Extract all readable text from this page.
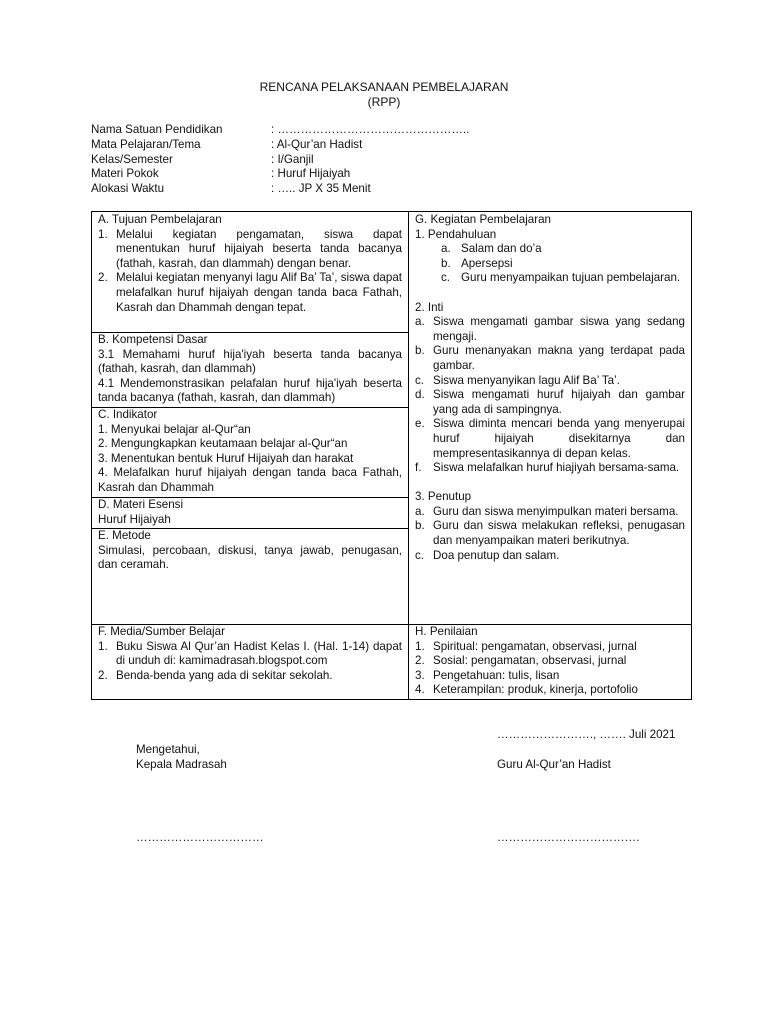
RENCANA PELAKSANAAN PEMBELAJARAN
(RPP)
Nama Satuan Pendidikan	: …………………………………………..
Mata Pelajaran/Tema	: Al-Qur’an Hadist
Kelas/Semester	: I/Ganjil
Materi Pokok	: Huruf Hijaiyah
Alokasi Waktu	: ….. JP X 35 Menit
A. Tujuan Pembelajaran
1. Melalui kegiatan pengamatan, siswa dapat menentukan huruf hijaiyah beserta tanda bacanya (fathah, kasrah, dan dlammah) dengan benar.
2. Melalui kegiatan menyanyi lagu Alif Ba’ Ta’, siswa dapat melafalkan huruf hijaiyah dengan tanda baca Fathah, Kasrah dan Dhammah dengan tepat.
B. Kompetensi Dasar
3.1 Memahami huruf hija'iyah beserta tanda bacanya (fathah, kasrah, dan dlammah)
4.1 Mendemonstrasikan pelafalan huruf hija'iyah beserta tanda bacanya (fathah, kasrah, dan dlammah)
C. Indikator
1. Menyukai belajar al-Qur“an
2. Mengungkapkan keutamaan belajar al-Qur“an
3. Menentukan bentuk Huruf Hijaiyah dan harakat
4. Melafalkan huruf hijaiyah dengan tanda baca Fathah, Kasrah dan Dhammah
D. Materi Esensi
Huruf Hijaiyah
E. Metode
Simulasi, percobaan, diskusi, tanya jawab, penugasan, dan ceramah.
F. Media/Sumber Belajar
1. Buku Siswa Al Qur’an Hadist Kelas I. (Hal. 1-14) dapat di unduh di: kamimadrasah.blogspot.com
2. Benda-benda yang ada di sekitar sekolah.
G. Kegiatan Pembelajaran
1. Pendahuluan
a. Salam dan do’a
b. Apersepsi
c. Guru menyampaikan tujuan pembelajaran.
2. Inti
a. Siswa mengamati gambar siswa yang sedang mengaji.
b. Guru menanyakan makna yang terdapat pada gambar.
c. Siswa menyanyikan lagu Alif Ba’ Ta’.
d. Siswa mengamati huruf hijaiyah dan gambar yang ada di sampingnya.
e. Siswa diminta mencari benda yang menyerupai huruf hijaiyah disekitarnya dan mempresentasikannya di depan kelas.
f. Siswa melafalkan huruf hiajiyah bersama-sama.
3. Penutup
a. Guru dan siswa menyimpulkan materi bersama.
b. Guru dan siswa melakukan refleksi, penugasan dan menyampaikan materi berikutnya.
c. Doa penutup dan salam.
H. Penilaian
1. Spiritual: pengamatan, observasi, jurnal
2. Sosial: pengamatan, observasi, jurnal
3. Pengetahuan: tulis, lisan
4. Keterampilan: produk, kinerja, portofolio
……………………., ……. Juli 2021
Mengetahui,
Kepala Madrasah	Guru Al-Qur’an Hadist
……………………………	……………………………….
